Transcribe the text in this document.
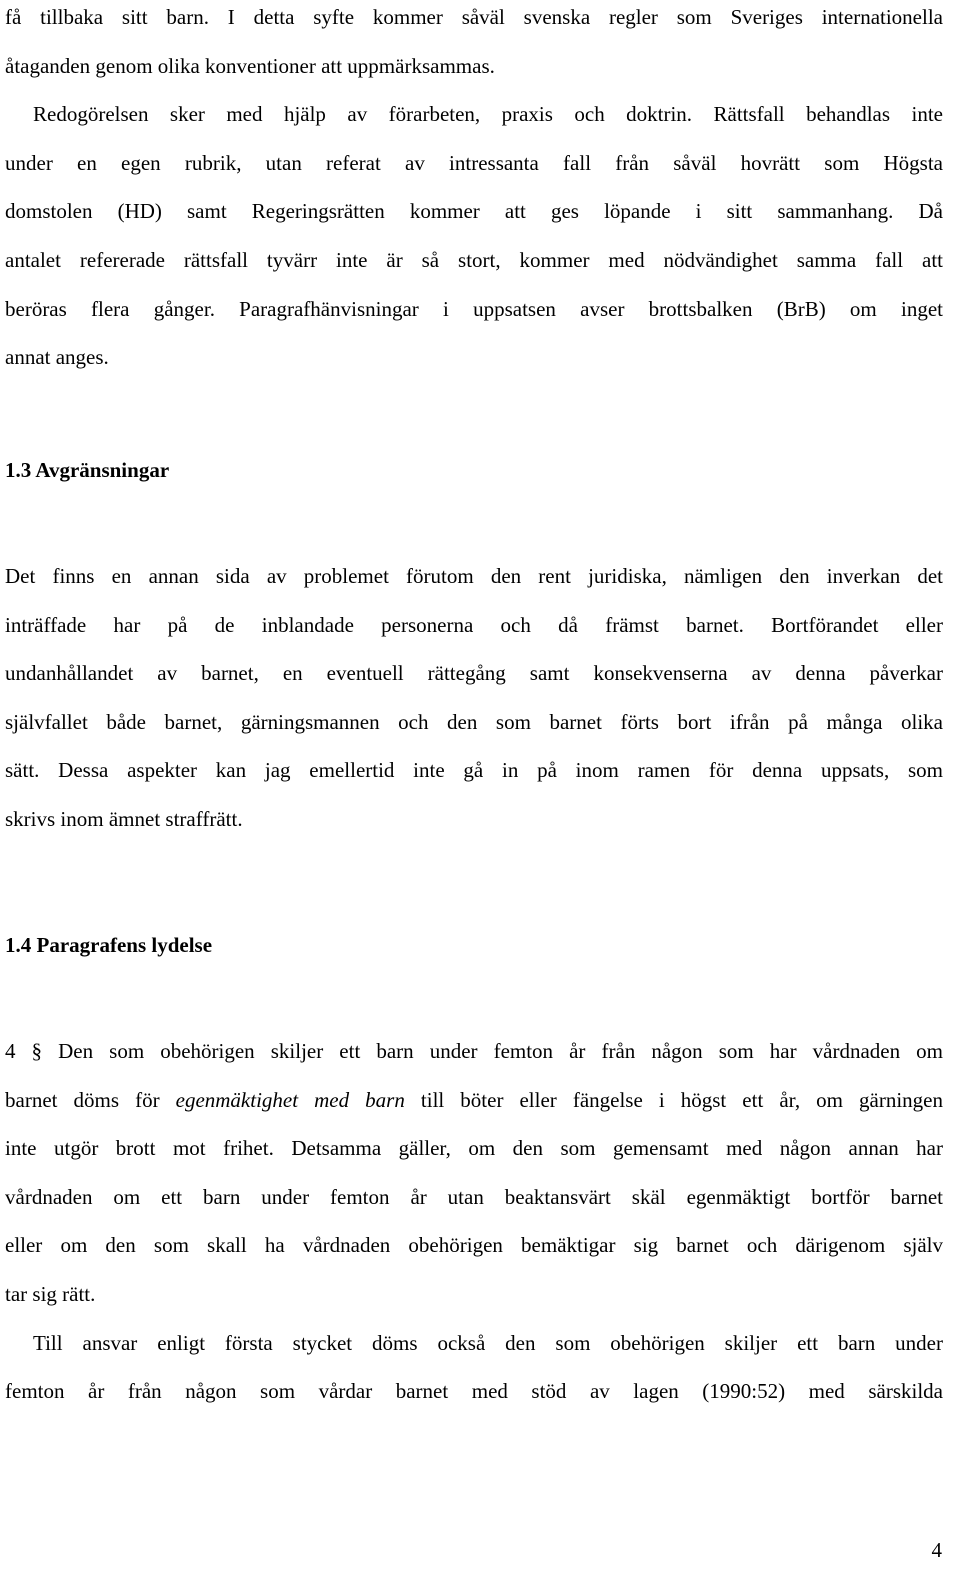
få tillbaka sitt barn. I detta syfte kommer såväl svenska regler som Sveriges internationella
åtaganden genom olika konventioner att uppmärksammas.
Redogörelsen sker med hjälp av förarbeten, praxis och doktrin. Rättsfall behandlas inte
under en egen rubrik, utan referat av intressanta fall från såväl hovrätt som Högsta
domstolen (HD) samt Regeringsrätten kommer att ges löpande i sitt sammanhang. Då
antalet refererade rättsfall tyvärr inte är så stort, kommer med nödvändighet samma fall att
beröras flera gånger. Paragrafhänvisningar i uppsatsen avser brottsbalken (BrB) om inget
annat anges.
1.3 Avgränsningar
Det finns en annan sida av problemet förutom den rent juridiska, nämligen den inverkan det
inträffade har på de inblandade personerna och då främst barnet. Bortförandet eller
undanhållandet av barnet, en eventuell rättegång samt konsekvenserna av denna påverkar
självfallet både barnet, gärningsmannen och den som barnet förts bort ifrån på många olika
sätt. Dessa aspekter kan jag emellertid inte gå in på inom ramen för denna uppsats, som
skrivs inom ämnet straffrätt.
1.4 Paragrafens lydelse
4 § Den som obehörigen skiljer ett barn under femton år från någon som har vårdnaden om
barnet döms för egenmäktighet med barn till böter eller fängelse i högst ett år, om gärningen
inte utgör brott mot frihet. Detsamma gäller, om den som gemensamt med någon annan har
vårdnaden om ett barn under femton år utan beaktansvärt skäl egenmäktigt bortför barnet
eller om den som skall ha vårdnaden obehörigen bemäktigar sig barnet och därigenom själv
tar sig rätt.
Till ansvar enligt första stycket döms också den som obehörigen skiljer ett barn under
femton år från någon som vårdar barnet med stöd av lagen (1990:52) med särskilda
4
